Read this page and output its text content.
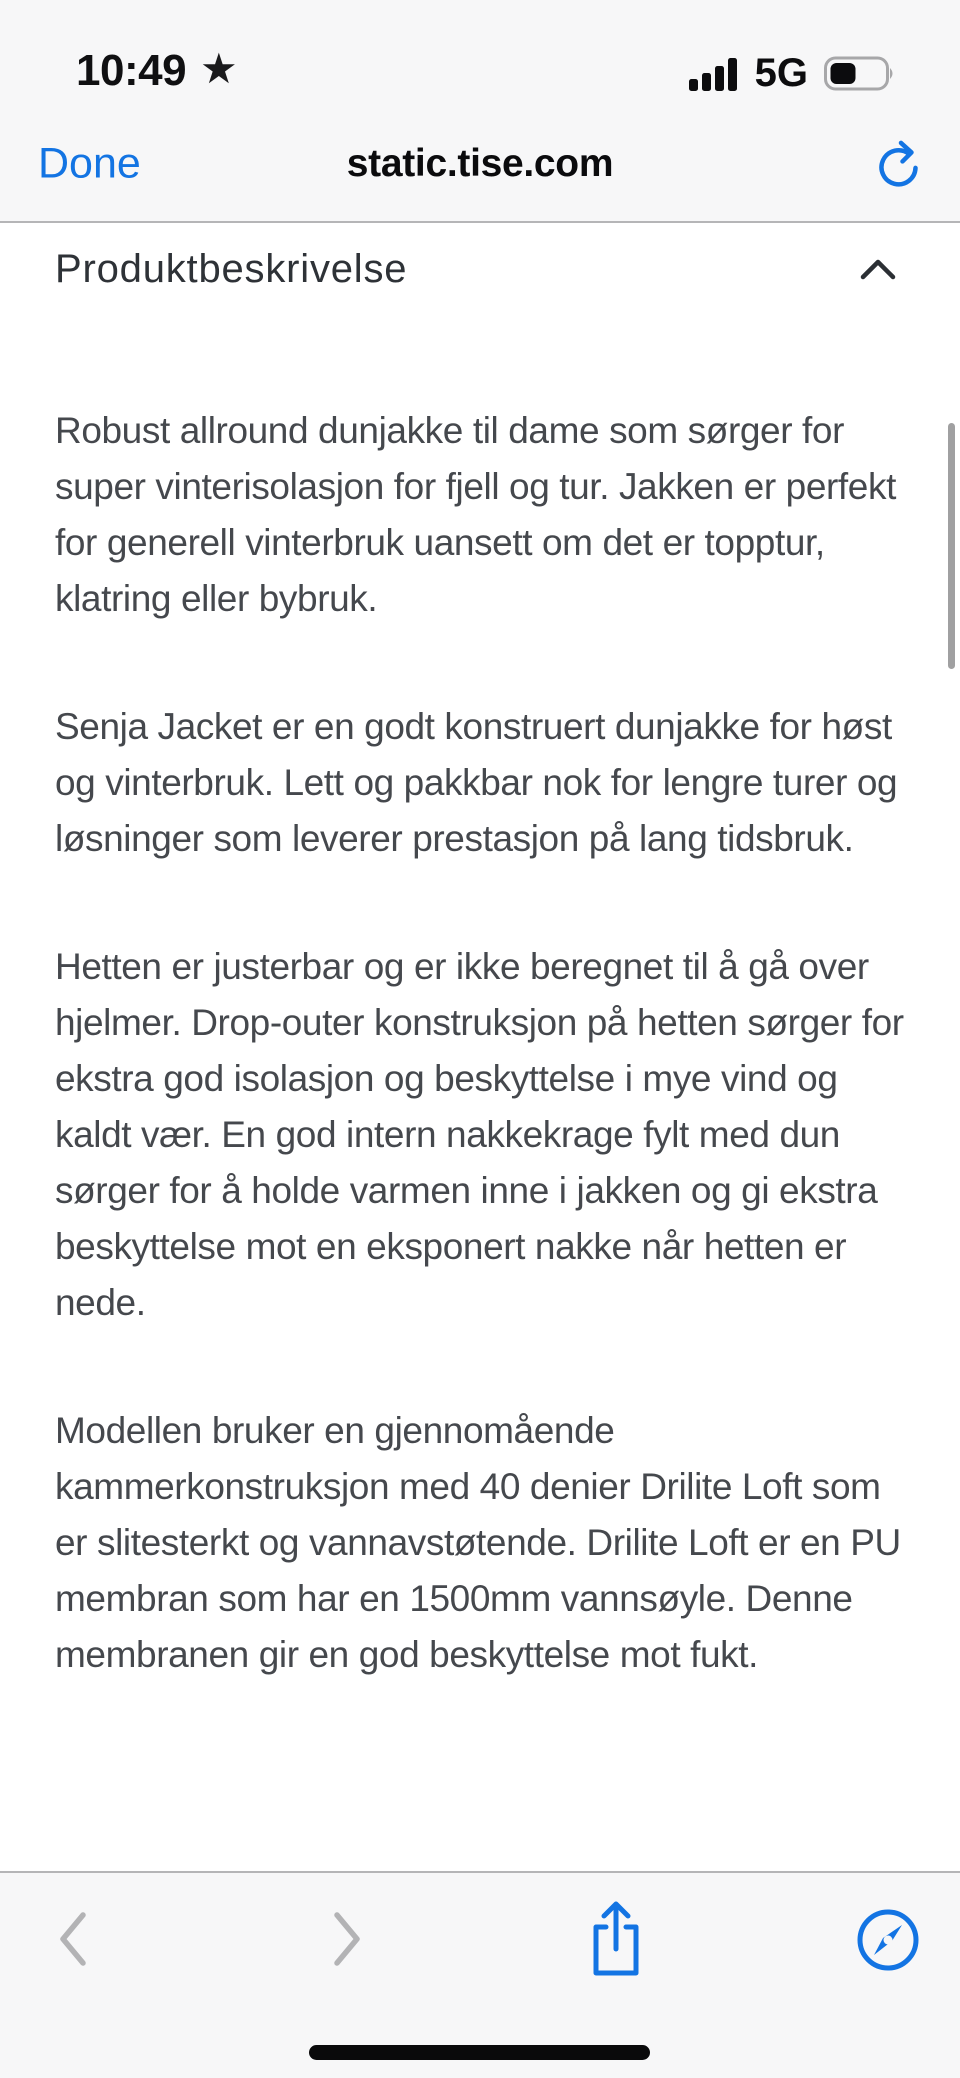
10:49 ★	5G
Done	static.tise.com
Produktbeskrivelse

Robust allround dunjakke til dame som sørger for super vinterisolasjon for fjell og tur. Jakken er perfekt for generell vinterbruk uansett om det er topptur, klatring eller bybruk.

Senja Jacket er en godt konstruert dunjakke for høst og vinterbruk. Lett og pakkbar nok for lengre turer og løsninger som leverer prestasjon på lang tidsbruk.

Hetten er justerbar og er ikke beregnet til å gå over hjelmer. Drop-outer konstruksjon på hetten sørger for ekstra god isolasjon og beskyttelse i mye vind og kaldt vær. En god intern nakkekrage fylt med dun sørger for å holde varmen inne i jakken og gi ekstra beskyttelse mot en eksponert nakke når hetten er nede.

Modellen bruker en gjennomående kammerkonstruksjon med 40 denier Drilite Loft som er slitesterkt og vannavstøtende. Drilite Loft er en PU membran som har en 1500mm vannsøyle. Denne membranen gir en god beskyttelse mot fukt.
